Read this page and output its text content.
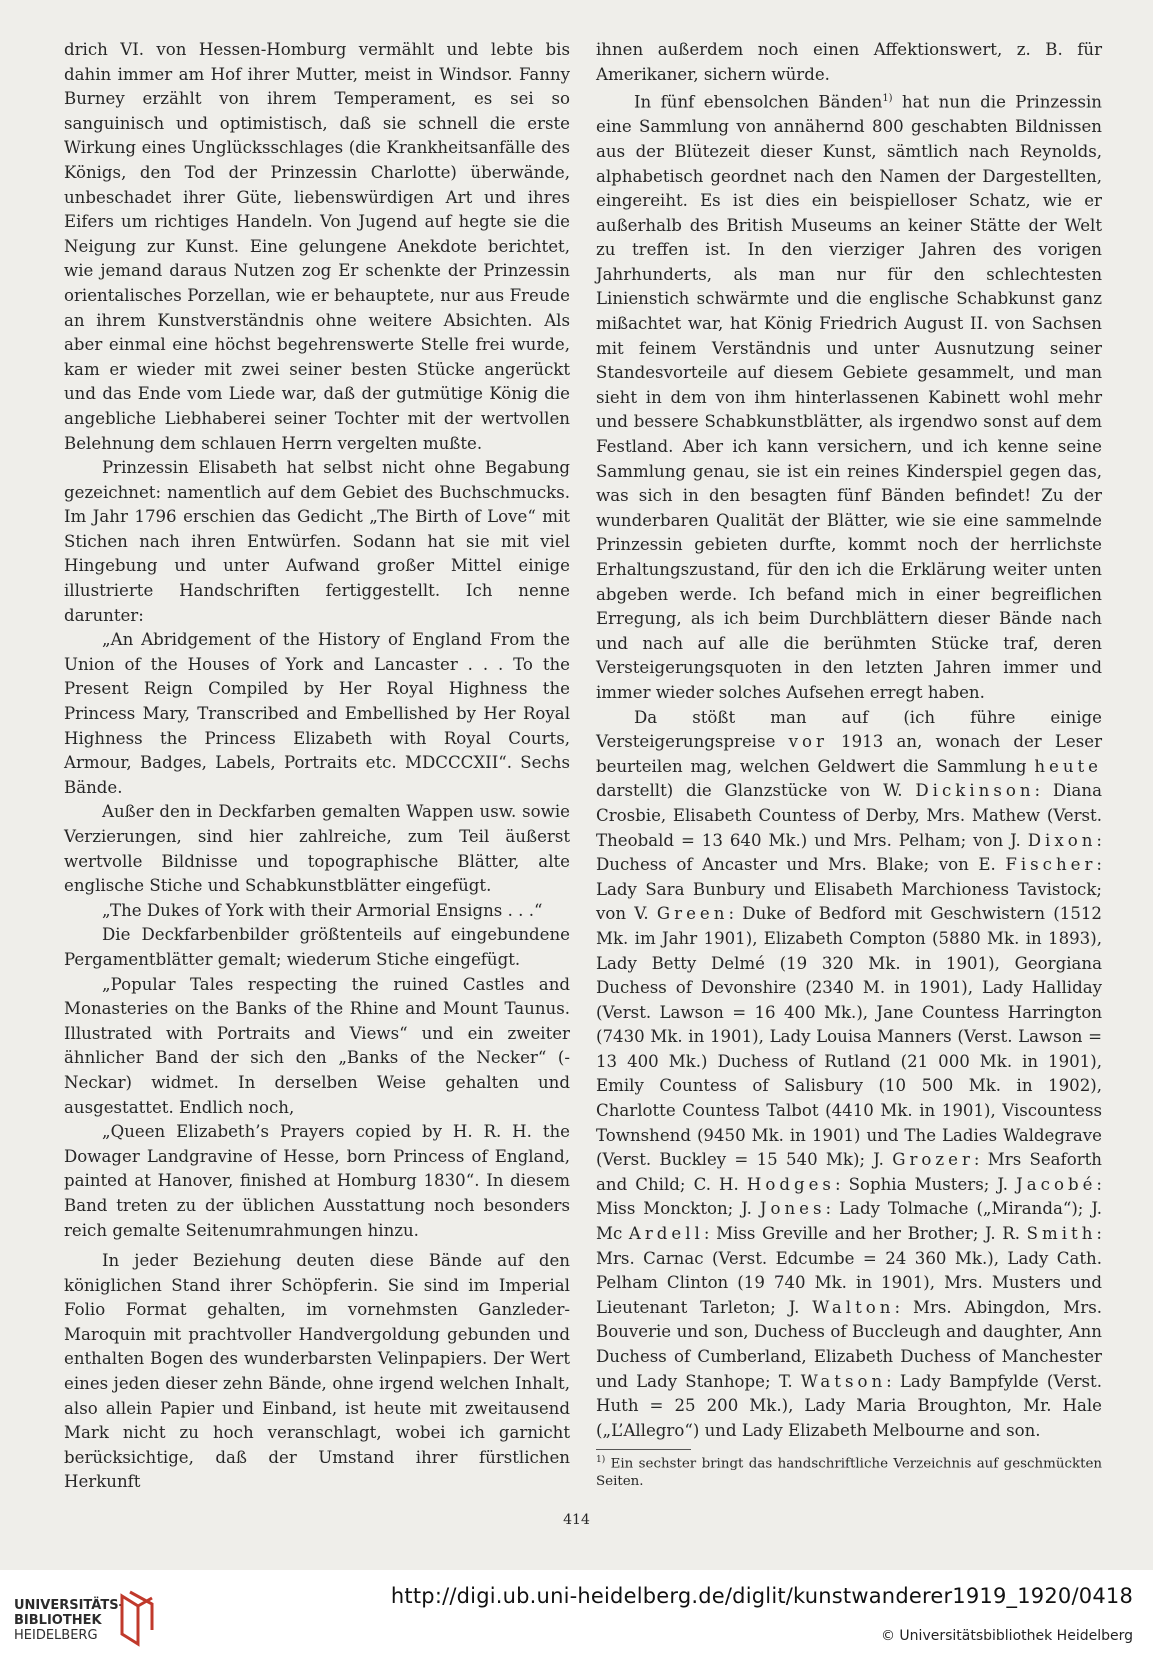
drich VI. von Hessen-Homburg vermählt und lebte bis dahin immer am Hof ihrer Mutter, meist in Windsor. Fanny Burney erzählt von ihrem Temperament, es sei so sanguinisch und optimistisch, daß sie schnell die erste Wirkung eines Unglücksschlages (die Krankheitsanfälle des Königs, den Tod der Prinzessin Charlotte) überwände, unbeschadet ihrer Güte, liebenswürdigen Art und ihres Eifers um richtiges Handeln. Von Jugend auf hegte sie die Neigung zur Kunst. Eine gelungene Anekdote berichtet, wie jemand daraus Nutzen zog Er schenkte der Prinzessin orientalisches Porzellan, wie er behauptete, nur aus Freude an ihrem Kunstverständnis ohne weitere Absichten. Als aber einmal eine höchst begehrenswerte Stelle frei wurde, kam er wieder mit zwei seiner besten Stücke angerückt und das Ende vom Liede war, daß der gutmütige König die angebliche Liebhaberei seiner Tochter mit der wertvollen Belehnung dem schlauen Herrn vergelten mußte.

Prinzessin Elisabeth hat selbst nicht ohne Begabung gezeichnet: namentlich auf dem Gebiet des Buchschmucks. Im Jahr 1796 erschien das Gedicht „The Birth of Love“ mit Stichen nach ihren Entwürfen. Sodann hat sie mit viel Hingebung und unter Aufwand großer Mittel einige illustrierte Handschriften fertiggestellt. Ich nenne darunter:

„An Abridgement of the History of England From the Union of the Houses of York and Lancaster . . . To the Present Reign Compiled by Her Royal Highness the Princess Mary, Transcribed and Embellished by Her Royal Highness the Princess Elizabeth with Royal Courts, Armour, Badges, Labels, Portraits etc. MDCCCXII“. Sechs Bände.

Außer den in Deckfarben gemalten Wappen usw. sowie Verzierungen, sind hier zahlreiche, zum Teil äußerst wertvolle Bildnisse und topographische Blätter, alte englische Stiche und Schabkunstblätter eingefügt.

„The Dukes of York with their Armorial Ensigns . . .“

Die Deckfarbenbilder größtenteils auf eingebundene Pergamentblätter gemalt; wiederum Stiche eingefügt.

„Popular Tales respecting the ruined Castles and Monasteries on the Banks of the Rhine and Mount Taunus. Illustrated with Portraits and Views“ und ein zweiter ähnlicher Band der sich den „Banks of the Necker“ (-Neckar) widmet. In derselben Weise gehalten und ausgestattet. Endlich noch,

„Queen Elizabeth’s Prayers copied by H. R. H. the Dowager Landgravine of Hesse, born Princess of England, painted at Hanover, finished at Homburg 1830“. In diesem Band treten zu der üblichen Ausstattung noch besonders reich gemalte Seitenumrahmungen hinzu.

In jeder Beziehung deuten diese Bände auf den königlichen Stand ihrer Schöpferin. Sie sind im Imperial Folio Format gehalten, im vornehmsten Ganzleder-Maroquin mit prachtvoller Handvergoldung gebunden und enthalten Bogen des wunderbarsten Velinpapiers. Der Wert eines jeden dieser zehn Bände, ohne irgend welchen Inhalt, also allein Papier und Einband, ist heute mit zweitausend Mark nicht zu hoch veranschlagt, wobei ich garnicht berücksichtige, daß der Umstand ihrer fürstlichen Herkunft

ihnen außerdem noch einen Affektionswert, z. B. für Amerikaner, sichern würde.

In fünf ebensolchen Bänden$^{1)}$ hat nun die Prinzessin eine Sammlung von annähernd 800 geschabten Bildnissen aus der Blütezeit dieser Kunst, sämtlich nach Reynolds, alphabetisch geordnet nach den Namen der Dargestellten, eingereiht. Es ist dies ein beispielloser Schatz, wie er außerhalb des British Museums an keiner Stätte der Welt zu treffen ist. In den vierziger Jahren des vorigen Jahrhunderts, als man nur für den schlechtesten Linienstich schwärmte und die englische Schabkunst ganz mißachtet war, hat König Friedrich August II. von Sachsen mit feinem Verständnis und unter Ausnutzung seiner Standesvorteile auf diesem Gebiete gesammelt, und man sieht in dem von ihm hinterlassenen Kabinett wohl mehr und bessere Schabkunstblätter, als irgendwo sonst auf dem Festland. Aber ich kann versichern, und ich kenne seine Sammlung genau, sie ist ein reines Kinderspiel gegen das, was sich in den besagten fünf Bänden befindet! Zu der wunderbaren Qualität der Blätter, wie sie eine sammelnde Prinzessin gebieten durfte, kommt noch der herrlichste Erhaltungszustand, für den ich die Erklärung weiter unten abgeben werde. Ich befand mich in einer begreiflichen Erregung, als ich beim Durchblättern dieser Bände nach und nach auf alle die berühmten Stücke traf, deren Versteigerungsquoten in den letzten Jahren immer und immer wieder solches Aufsehen erregt haben.

Da stößt man auf (ich führe einige Versteigerungspreise vor 1913 an, wonach der Leser beurteilen mag, welchen Geldwert die Sammlung heute darstellt) die Glanzstücke von W. Dickinson: Diana Crosbie, Elisabeth Countess of Derby, Mrs. Mathew (Verst. Theobald = 13 640 Mk.) und Mrs. Pelham; von J. Dixon: Duchess of Ancaster und Mrs. Blake; von E. Fischer: Lady Sara Bunbury und Elisabeth Marchioness Tavistock; von V. Green: Duke of Bedford mit Geschwistern (1512 Mk. im Jahr 1901), Elizabeth Compton (5880 Mk. in 1893), Lady Betty Delmé (19 320 Mk. in 1901), Georgiana Duchess of Devonshire (2340 M. in 1901), Lady Halliday (Verst. Lawson = 16 400 Mk.), Jane Countess Harrington (7430 Mk. in 1901), Lady Louisa Manners (Verst. Lawson = 13 400 Mk.) Duchess of Rutland (21 000 Mk. in 1901), Emily Countess of Salisbury (10 500 Mk. in 1902), Charlotte Countess Talbot (4410 Mk. in 1901), Viscountess Townshend (9450 Mk. in 1901) und The Ladies Waldegrave (Verst. Buckley = 15 540 Mk); J. Grozer: Mrs Seaforth and Child; C. H. Hodges: Sophia Musters; J. Jacobé: Miss Monckton; J. Jones: Lady Tolmache („Miranda“); J. Mc Ardell: Miss Greville and her Brother; J. R. Smith: Mrs. Carnac (Verst. Edcumbe = 24 360 Mk.), Lady Cath. Pelham Clinton (19 740 Mk. in 1901), Mrs. Musters und Lieutenant Tarleton; J. Walton: Mrs. Abingdon, Mrs. Bouverie und son, Duchess of Buccleugh and daughter, Ann Duchess of Cumberland, Elizabeth Duchess of Manchester und Lady Stanhope; T. Watson: Lady Bampfylde (Verst. Huth = 25 200 Mk.), Lady Maria Broughton, Mr. Hale („L’Allegro“) und Lady Elizabeth Melbourne and son.

$^{1)}$ Ein sechster bringt das handschriftliche Verzeichnis auf geschmückten Seiten.

414
UNIVERSITÄTS-
BIBLIOTHEK
HEIDELBERG
http://digi.ub.uni-heidelberg.de/diglit/kunstwanderer1919_1920/0418
© Universitätsbibliothek Heidelberg
